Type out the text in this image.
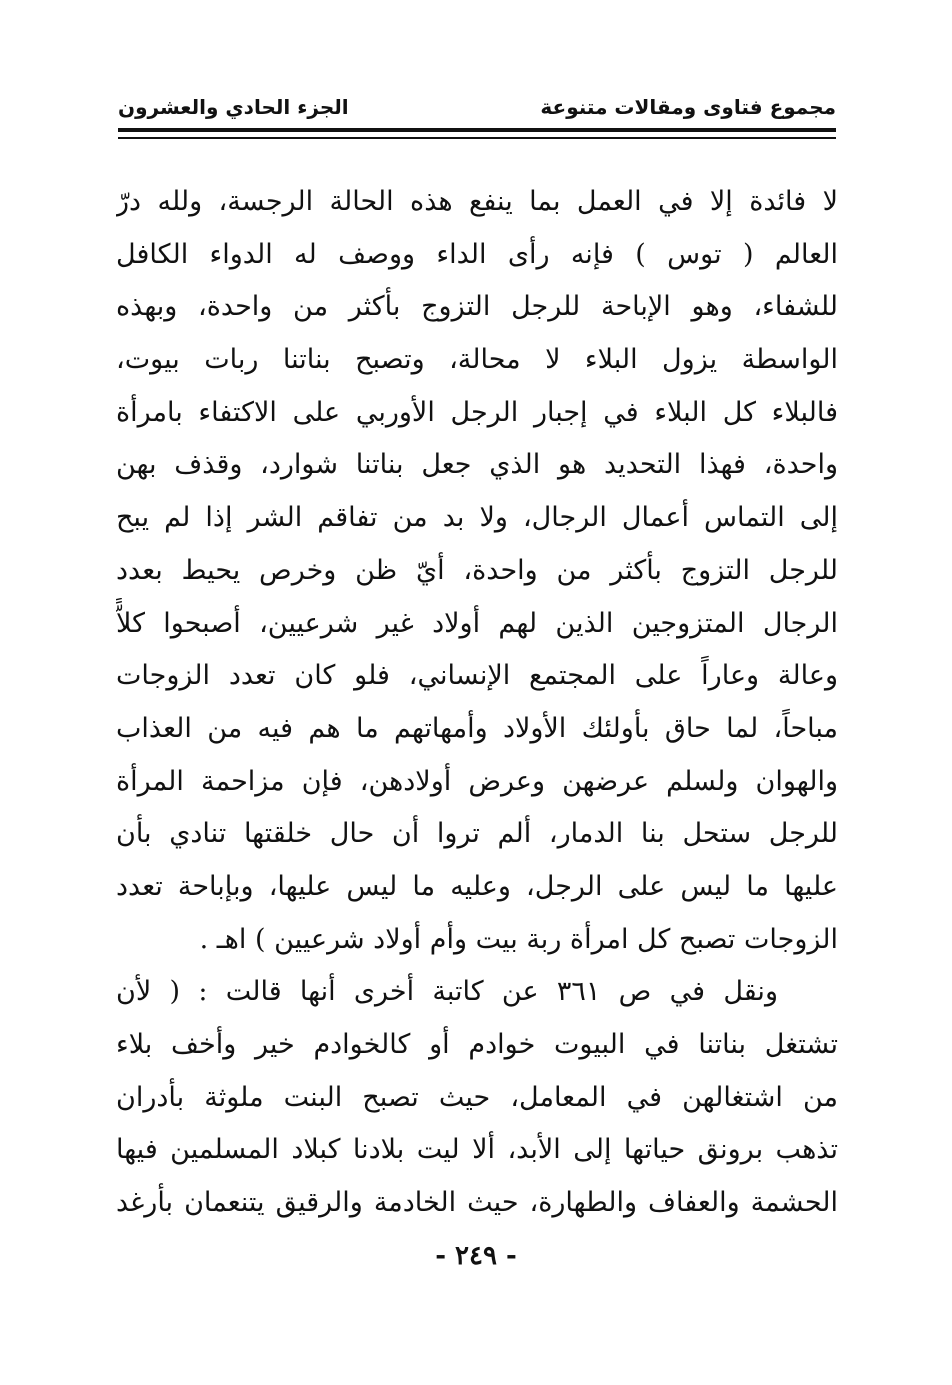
مجموع فتاوى ومقالات متنوعة
الجزء الحادي والعشرون
لا فائدة إلا في العمل بما ينفع هذه الحالة الرجسة، ولله درّ
العالم ( توس ) فإنه رأى الداء ووصف له الدواء الكافل
للشفاء، وهو الإباحة للرجل التزوج بأكثر من واحدة، وبهذه
الواسطة يزول البلاء لا محالة، وتصبح بناتنا ربات بيوت،
فالبلاء كل البلاء في إجبار الرجل الأوربي على الاكتفاء بامرأة
واحدة، فهذا التحديد هو الذي جعل بناتنا شوارد، وقذف بهن
إلى التماس أعمال الرجال، ولا بد من تفاقم الشر إذا لم يبح
للرجل التزوج بأكثر من واحدة، أيّ ظن وخرص يحيط بعدد
الرجال المتزوجين الذين لهم أولاد غير شرعيين، أصبحوا كلاًّ
وعالة وعاراً على المجتمع الإنساني، فلو كان تعدد الزوجات
مباحاً، لما حاق بأولئك الأولاد وأمهاتهم ما هم فيه من العذاب
والهوان ولسلم عرضهن وعرض أولادهن، فإن مزاحمة المرأة
للرجل ستحل بنا الدمار، ألم تروا أن حال خلقتها تنادي بأن
عليها ما ليس على الرجل، وعليه ما ليس عليها، وبإباحة تعدد
الزوجات تصبح كل امرأة ربة بيت وأم أولاد شرعيين ) اهـ .
ونقل في ص ٣٦١ عن كاتبة أخرى أنها قالت : ( لأن
تشتغل بناتنا في البيوت خوادم أو كالخوادم خير وأخف بلاء
من اشتغالهن في المعامل، حيث تصبح البنت ملوثة بأدران
تذهب برونق حياتها إلى الأبد، ألا ليت بلادنا كبلاد المسلمين فيها
الحشمة والعفاف والطهارة، حيث الخادمة والرقيق يتنعمان بأرغد
- ٢٤٩ -
